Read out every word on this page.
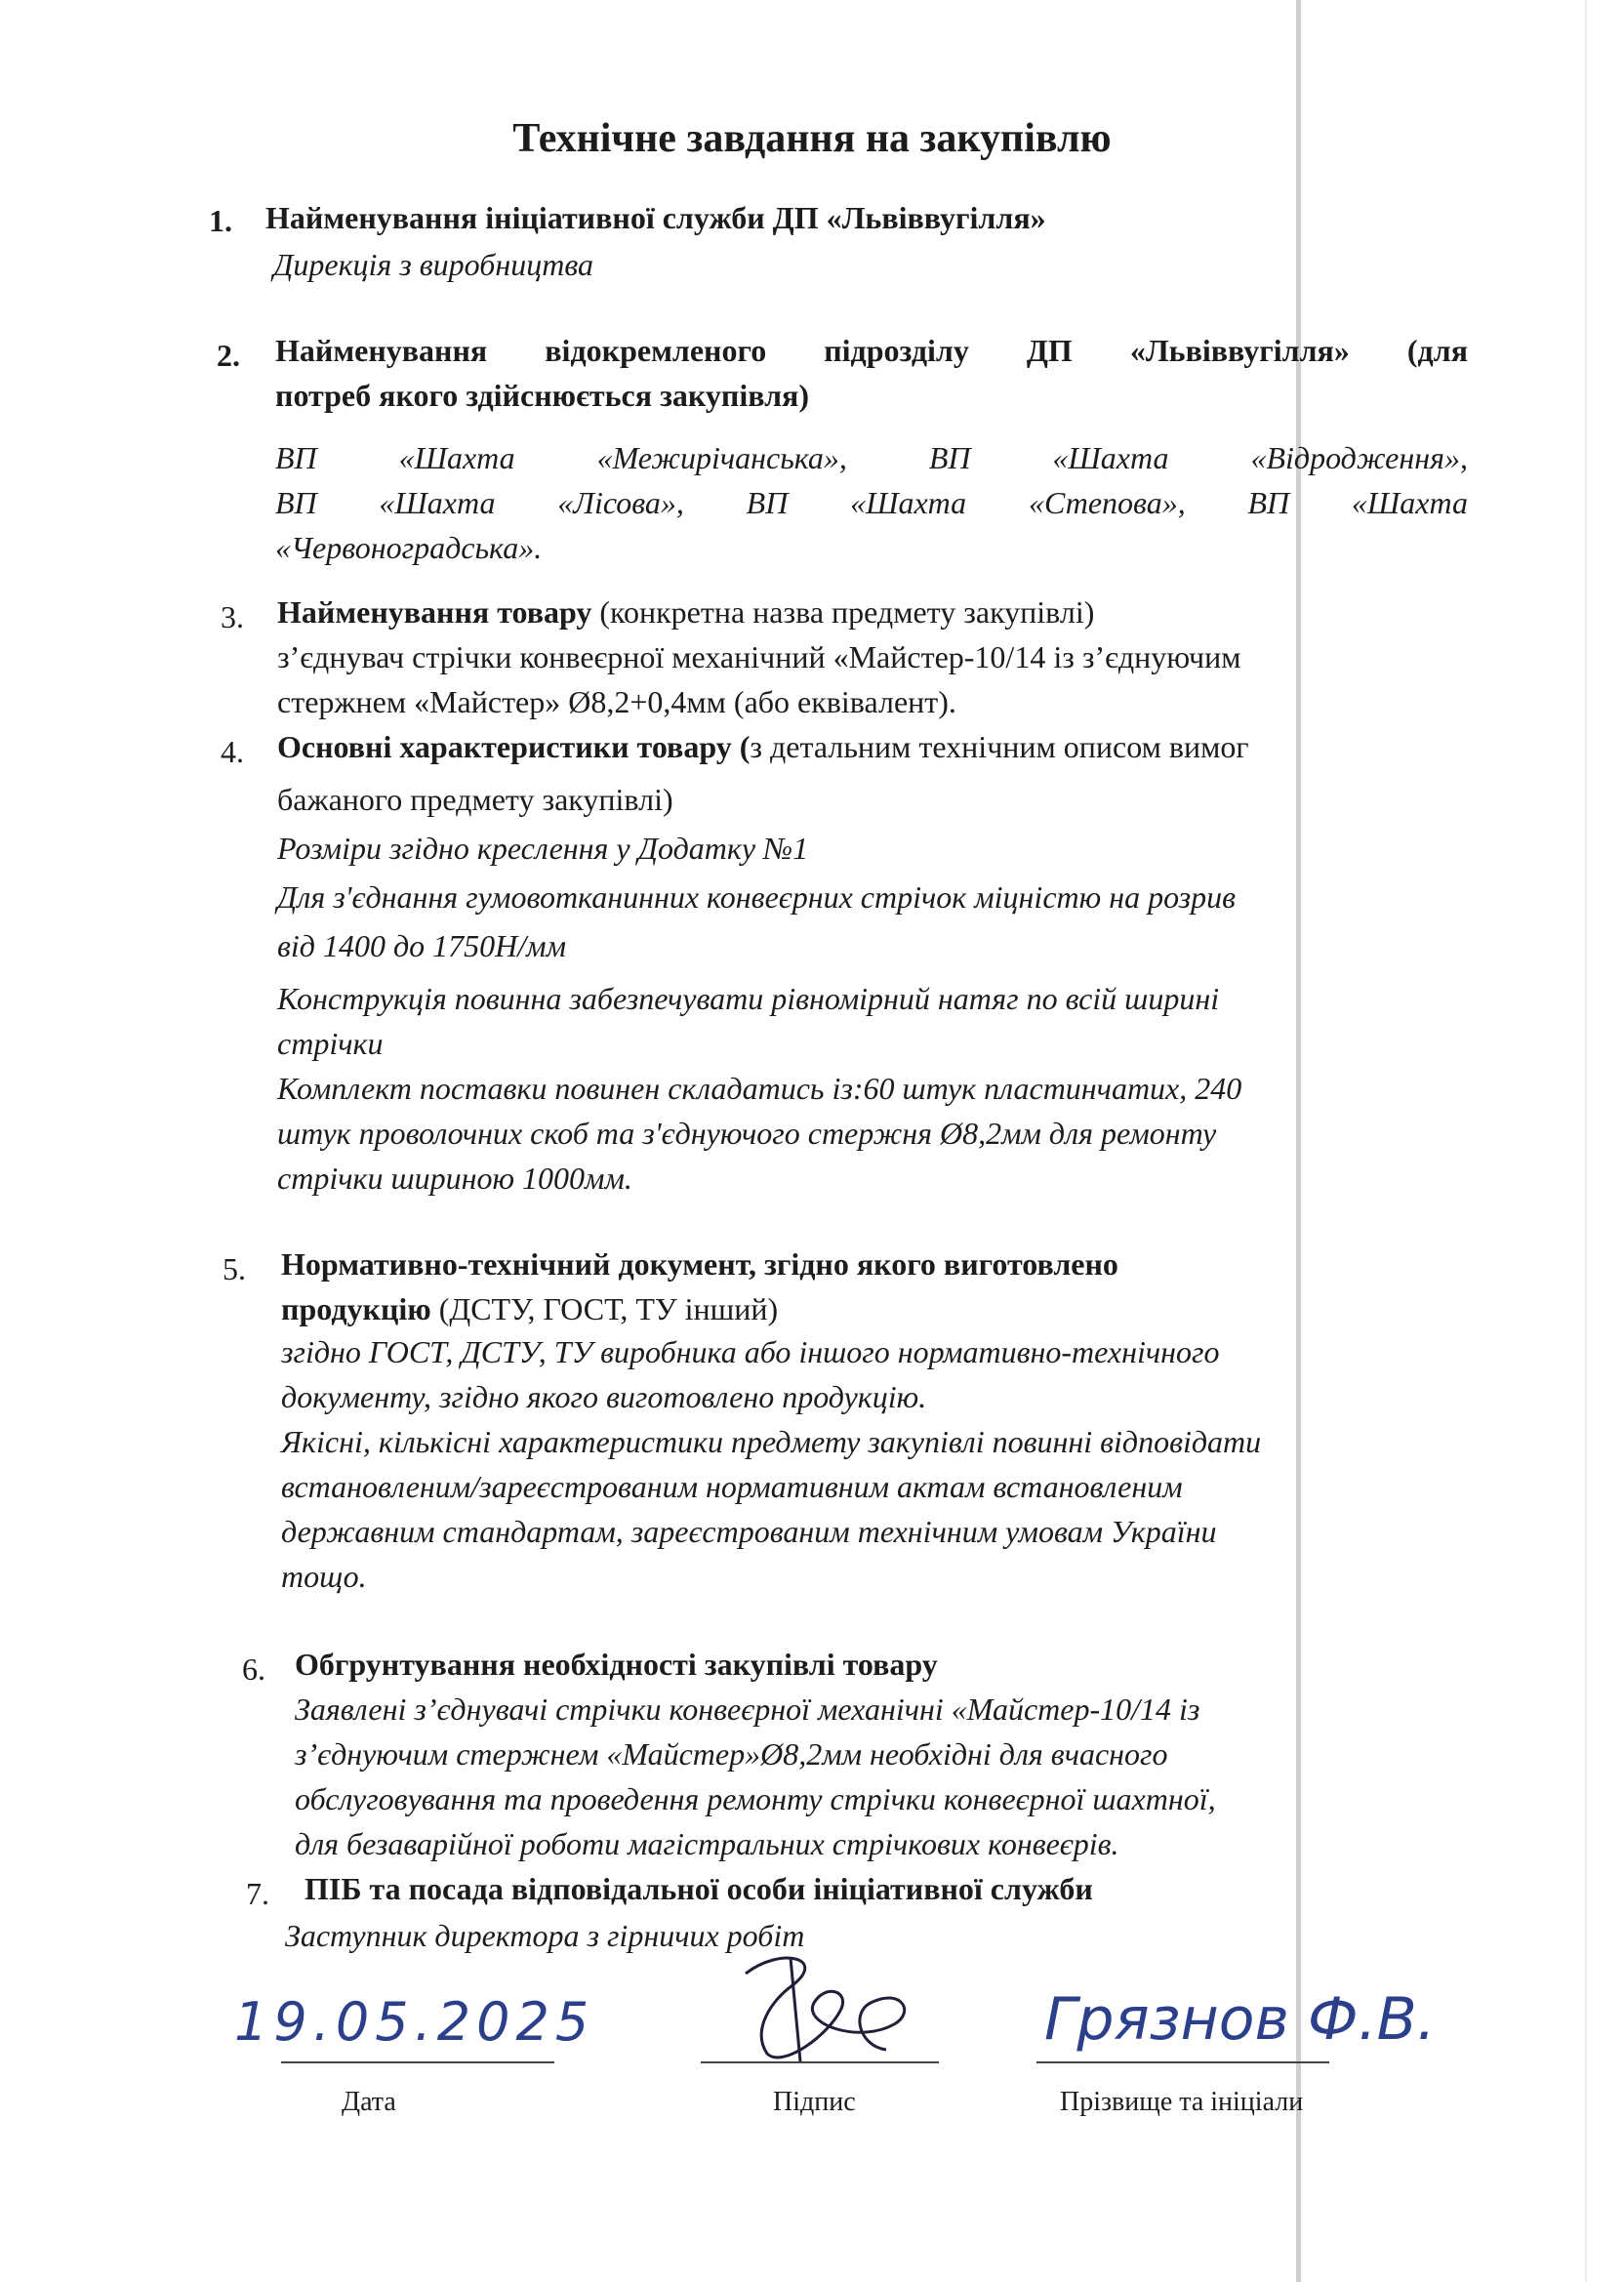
Технічне завдання на закупівлю
1. Найменування ініціативної служби ДП «Львіввугілля»
Дирекція з виробництва
2. Найменування відокремленого підрозділу ДП «Львіввугілля» (для
потреб якого здійснюється закупівля)
ВП «Шахта «Межирічанська», ВП «Шахта «Відродження»,
ВП «Шахта «Лісова», ВП «Шахта «Степова», ВП «Шахта
«Червоноградська».
3. Найменування товару (конкретна назва предмету закупівлі)
з’єднувач стрічки конвеєрної механічний «Майстер-10/14 із з’єднуючим
стержнем «Майстер» Ø8,2+0,4мм (або еквівалент).
4. Основні характеристики товару (з детальним технічним описом вимог
бажаного предмету закупівлі)
Розміри згідно креслення у Додатку №1
Для з'єднання гумовотканинних конвеєрних стрічок міцністю на розрив
від 1400 до 1750Н/мм
Конструкція повинна забезпечувати рівномірний натяг по всій ширині
стрічки
Комплект поставки повинен складатись із:60 штук пластинчатих, 240
штук проволочних скоб та з'єднуючого стержня Ø8,2мм для ремонту
стрічки шириною 1000мм.
5. Нормативно-технічний документ, згідно якого виготовлено
продукцію (ДСТУ, ГОСТ, ТУ інший)
згідно ГОСТ, ДСТУ, ТУ виробника або іншого нормативно-технічного
документу, згідно якого виготовлено продукцію.
Якісні, кількісні характеристики предмету закупівлі повинні відповідати
встановленим/зареєстрованим нормативним актам встановленим
державним стандартам, зареєстрованим технічним умовам України
тощо.
6. Обгрунтування необхідності закупівлі товару
Заявлені з’єднувачі стрічки конвеєрної механічні «Майстер-10/14 із
з’єднуючим стержнем «Майстер»Ø8,2мм необхідні для вчасного
обслуговування та проведення ремонту стрічки конвеєрної шахтної,
для безаварійної роботи магістральних стрічкових конвеєрів.
7. ПІБ та посада відповідальної особи ініціативної служби
Заступник директора з гірничих робіт
19.05.2025	Грязнов Ф.В.
Дата	Підпис	Прізвище та ініціали
